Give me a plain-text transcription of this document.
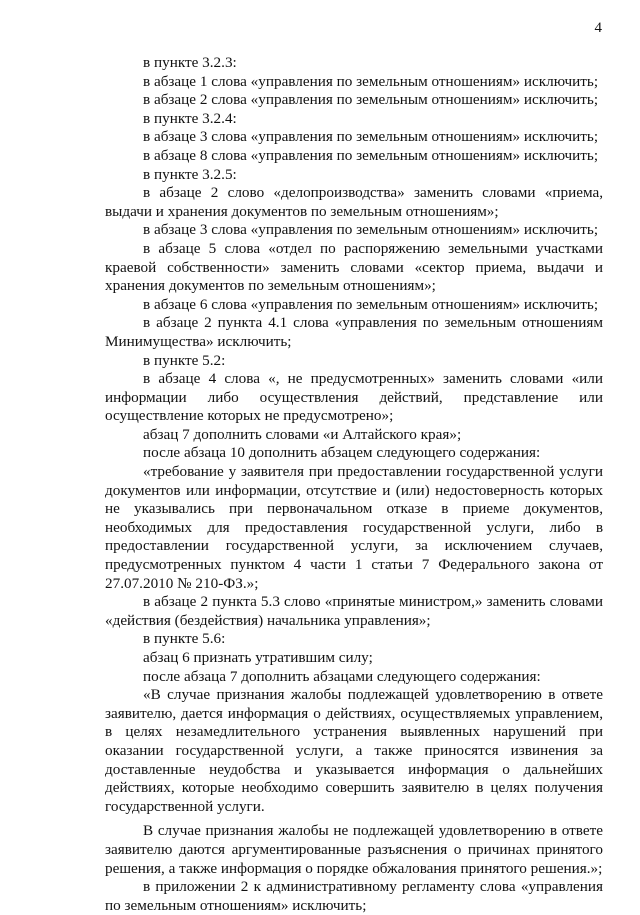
4

в пункте 3.2.3:

в абзаце 1 слова «управления по земельным отношениям» исключить;

в абзаце 2 слова «управления по земельным отношениям» исключить;

в пункте 3.2.4:

в абзаце 3 слова «управления по земельным отношениям» исключить;

в абзаце 8 слова «управления по земельным отношениям» исключить;

в пункте 3.2.5:

в абзаце 2 слово «делопроизводства» заменить словами «приема, выдачи и хранения документов по земельным отношениям»;

в абзаце 3 слова «управления по земельным отношениям» исключить;

в абзаце 5 слова «отдел по распоряжению земельными участками краевой собственности» заменить словами «сектор приема, выдачи и хранения документов по земельным отношениям»;

в абзаце 6 слова «управления по земельным отношениям» исключить;

в абзаце 2 пункта 4.1 слова «управления по земельным отношениям Минимущества» исключить;

в пункте 5.2:

в абзаце 4 слова «, не предусмотренных» заменить словами «или информации либо осуществления действий, представление или осуществление которых не предусмотрено»;

абзац 7 дополнить словами «и Алтайского края»;

после абзаца 10 дополнить абзацем следующего содержания:

«требование у заявителя при предоставлении государственной услуги документов или информации, отсутствие и (или) недостоверность которых не указывались при первоначальном отказе в приеме документов, необходимых для предоставления государственной услуги, либо в предоставлении государственной услуги, за исключением случаев, предусмотренных пунктом 4 части 1 статьи 7 Федерального закона от 27.07.2010 № 210-ФЗ.»;

в абзаце 2 пункта 5.3 слово «принятые министром,» заменить словами «действия (бездействия) начальника управления»;

в пункте 5.6:

абзац 6 признать утратившим силу;

после абзаца 7 дополнить абзацами следующего содержания:

«В случае признания жалобы подлежащей удовлетворению в ответе заявителю, дается информация о действиях, осуществляемых управлением, в целях незамедлительного устранения выявленных нарушений при оказании государственной услуги, а также приносятся извинения за доставленные неудобства и указывается информация о дальнейших действиях, которые необходимо совершить заявителю в целях получения государственной услуги.

В случае признания жалобы не подлежащей удовлетворению в ответе заявителю даются аргументированные разъяснения о причинах принятого решения, а также информация о порядке обжалования принятого решения.»;

в приложении 2 к административному регламенту слова «управления по земельным отношениям» исключить;
